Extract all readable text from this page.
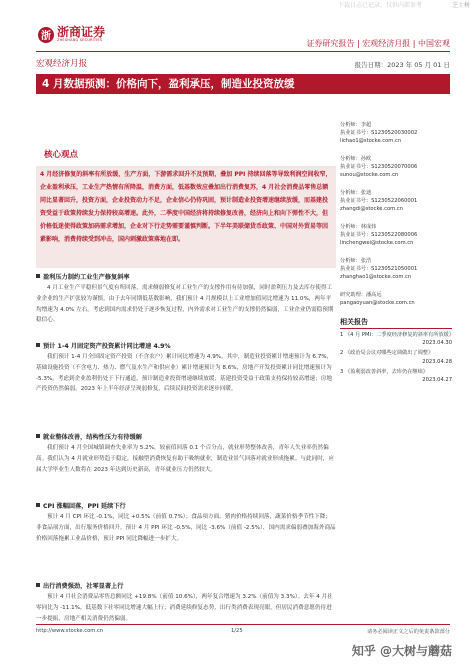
下载日志已记录，仅供内部参考	芝士树
浙 浙商证券
ZHESHANG SECURITIES	证券研究报告 | 宏观经济月报 | 中国宏观
宏观经济月报	报告日期：2023 年 05 月 01 日
4 月数据预测：价格向下，盈利承压，制造业投资放缓
核心观点
4 月经济修复的斜率有所放缓，生产方面，下游需求回升不及预期，叠加 PPI 持续回落等导致利润空间收窄，企业盈利承压，工业生产热情有所降温，消费方面，低基数效应叠加出行消费复苏，4 月社会消费品零售总额同比显著回升，投资方面，企业投资动力不足，企业信心仍待巩固，预计制造业投资增速继续放缓，而基建投资受益于政策持续发力保持较高增速。此外，二季度中国经济将持续修复改善，经济向上和向下弹性不大，但价格低迷使得政策加码需求增加，企业对下行走势需要谨慎判断。下半年美联储货币政策、中国对外贸易等因素影响，消费持续受到冲击，国内刺激政策落地在即。
盈利压力制约工业生产修复斜率
4 月工业生产平稳但景气度有所回落，需求侧弱修复对工业生产的支撑作用有待加强，同时盈利压力及去库存使得工业企业的生产扩张较为谨慎，由于去年同期低基数影响，我们预计 4 月规模以上工业增加值同比增速为 11.0%，两年平均增速为 4.0% 左右。考虑到国内需求仍处于逐步恢复过程，内外需求对工业生产的支撑仍然偏弱，工业企业仍需稳预期稳信心。
预计 1-4 月固定资产投资累计同比增速 4.9%
我们预计 1-4 月全国固定资产投资（不含农户）累计同比增速为 4.9%。其中，制造业投资累计增速预计为 6.7%，基础设施投资（不含电力、热力、燃气及水生产和供应业）累计增速预计为 8.6%，房地产开发投资累计同比增速预计为 -5.3%。考虑到企业盈利仍处于下行通道，预计制造业投资增速继续放缓；基建投资受益于政策支持保持较高增速；房地产投资仍然偏弱，2023 年上半年经济呈现弱修复，后续民间投资需求逐步回暖。
就业整体改善，结构性压力有待缓解
我们预计 4 月全国城镇调查失业率为 5.2%，较前值回落 0.1 个百分点，就业形势整体改善，青年人失业率仍然偏高。我们认为 4 月就业形势趋于稳定，接触型消费恢复有助于吸纳就业，制造业景气回落对就业形成拖累。与此同时，应届大学毕业生人数将在 2023 年达到历史新高，青年就业压力仍然较大。
CPI 涨幅回落，PPI 延续下行
预计 4 月 CPI 环比 -0.1%，同比 +0.5%（前值 0.7%）；食品项方面，猪肉价格持续回落，蔬菜价格季节性下降；非食品项方面，出行服务价格回升。预计 4 月 PPI 环比 -0.5%，同比 -3.6%（前值 -2.5%），国内需求偏弱叠加海外商品价格回落拖累工业品价格，预计 PPI 同比降幅进一步扩大。
出行消费强劲，社零显著上行
预计 4 月社会消费品零售总额同比 +19.8%（前值 10.6%），两年复合增速为 3.2%（前值为 3.3%）。去年 4 月社零同比为 -11.1%，低基数下社零同比增速大幅上行；消费延续修复态势，出行类消费表现亮眼，但居民消费意愿仍待进一步提振，房地产相关消费仍然偏弱。
分析师：李超
执业证书号：S1230520030002
lichao1@stocke.com.cn
分析师：孙欧
执业证书号：S1230520070006
sunou@stocke.com.cn
分析师：张迪
执业证书号：S1230522060001
zhangdi@stocke.com.cn
分析师：林成炜
执业证书号：S1230522080006
linchengwei@stocke.com.cn
分析师：张浩
执业证书号：S1230521050001
zhanghao1@stocke.com.cn
研究助理：潘高远
pangaoyuan@stocke.com.cn
相关报告
1 《4 月 PMI：二季度经济修复的斜率有所放缓》
2023.04.30
2 《政治局会议对哪些定调做出了调整》
2023.04.28
3 《盈利弱改善斜率，去库仍在继续》
2023.04.27
http://www.stocke.com.cn	1/25	请务必阅读正文之后的免责条款部分
知乎 @大树与蘑菇
